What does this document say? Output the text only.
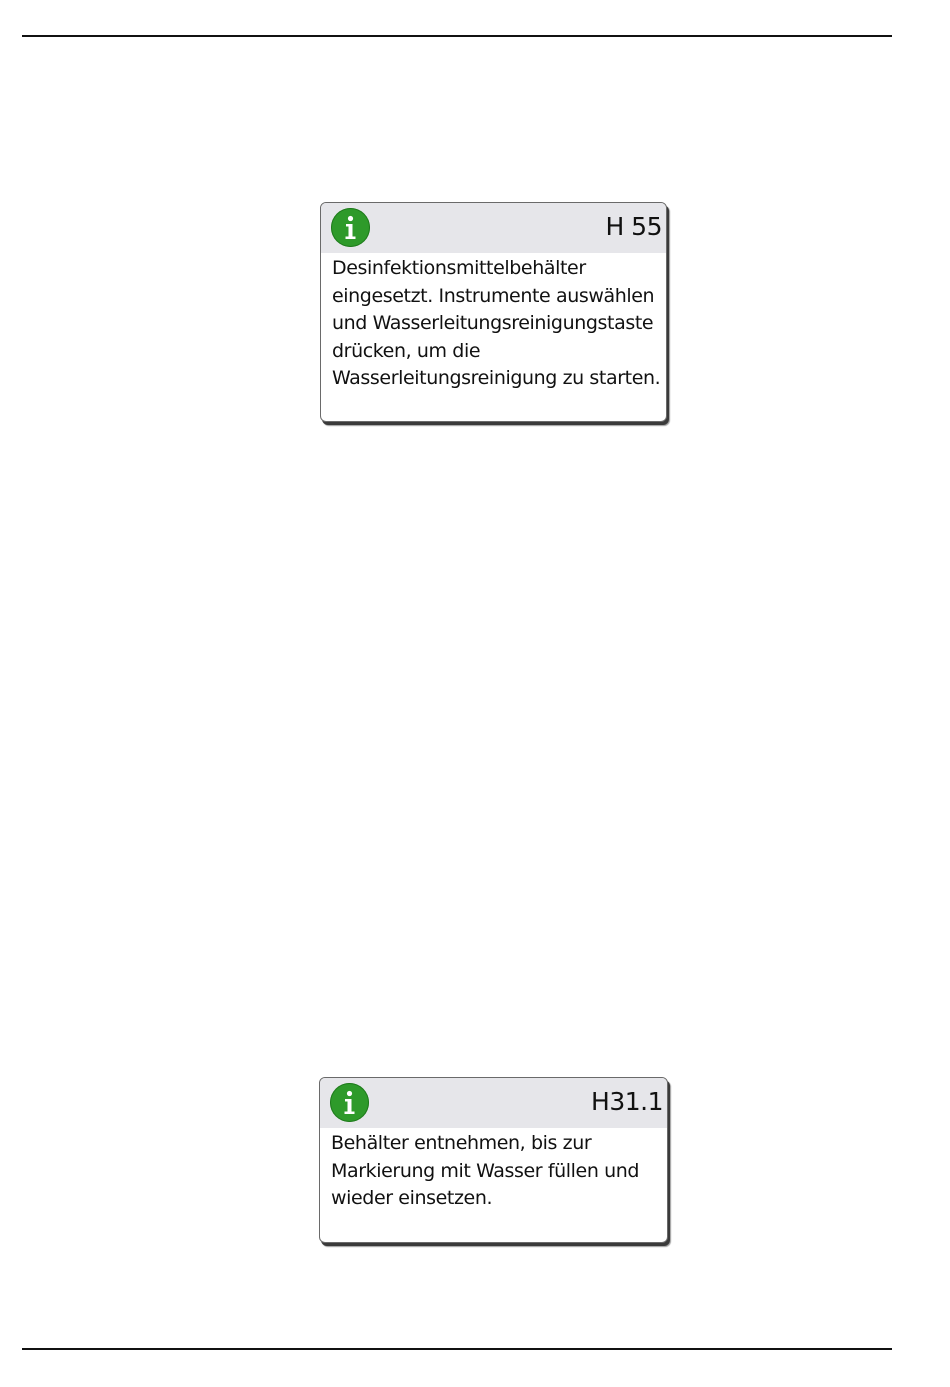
H 55
Desinfektionsmittelbehälter
eingesetzt. Instrumente auswählen
und Wasserleitungsreinigungstaste
drücken, um die
Wasserleitungsreinigung zu starten.
H31.1
Behälter entnehmen, bis zur
Markierung mit Wasser füllen und
wieder einsetzen.
